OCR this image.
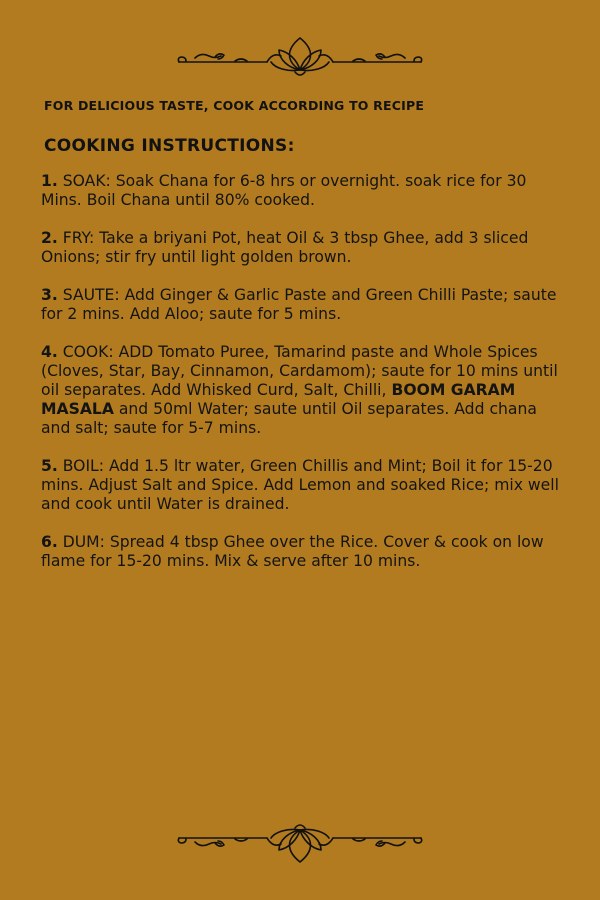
FOR DELICIOUS TASTE, COOK ACCORDING TO RECIPE
COOKING INSTRUCTIONS:

1. SOAK: Soak Chana for 6-8 hrs or overnight. soak rice for 30 Mins. Boil Chana until 80% cooked.

2. FRY: Take a briyani Pot, heat Oil & 3 tbsp Ghee, add 3 sliced Onions; stir fry until light golden brown.

3. SAUTE: Add Ginger & Garlic Paste and Green Chilli Paste; saute for 2 mins. Add Aloo; saute for 5 mins.

4. COOK: ADD Tomato Puree, Tamarind paste and Whole Spices (Cloves, Star, Bay, Cinnamon, Cardamom); saute for 10 mins until oil separates. Add Whisked Curd, Salt, Chilli, BOOM GARAM MASALA and 50ml Water; saute until Oil separates. Add chana and salt; saute for 5-7 mins.

5. BOIL: Add 1.5 ltr water, Green Chillis and Mint; Boil it for 15-20 mins. Adjust Salt and Spice. Add Lemon and soaked Rice; mix well and cook until Water is drained.

6. DUM: Spread 4 tbsp Ghee over the Rice. Cover & cook on low flame for 15-20 mins. Mix & serve after 10 mins.
